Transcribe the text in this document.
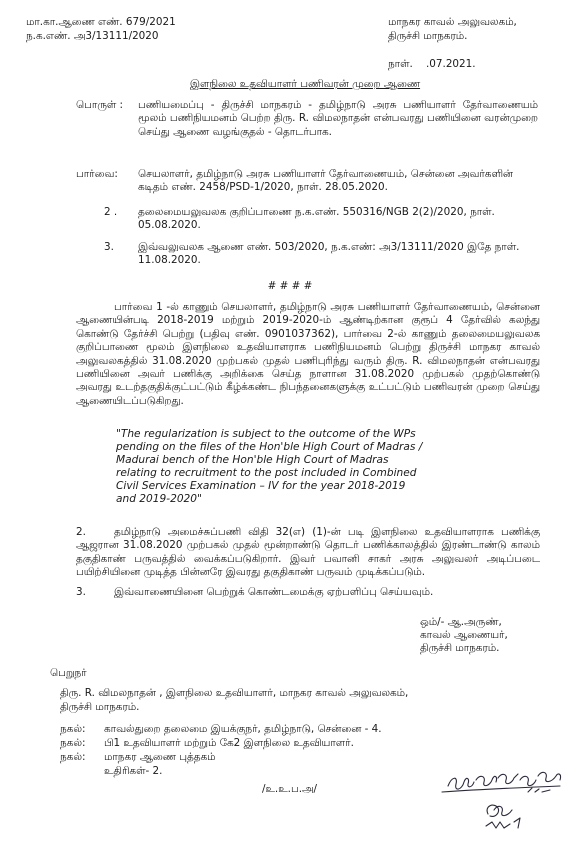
மா.கா.ஆணை எண். 679/2021
ந.க.எண். அ3/13111/2020
மாநகர காவல் அலுவலகம்,
திருச்சி மாநகரம்.
நாள்.    .07.2021.
இளநிலை உதவியாளர் பணிவரன் முறை ஆணை
பொருள் : பணியமைப்பு - திருச்சி மாநகரம் - தமிழ்நாடு அரசு பணியாளர் தேர்வாணையம் மூலம் பணிநியமனம் பெற்ற திரு. R. விமலநாதன் என்பவரது பணியினை வரன்முறை செய்து ஆணை வழங்குதல் - தொடர்பாக.
பார்வை: செயலாளர், தமிழ்நாடு அரசு பணியாளர் தேர்வாணையம், சென்னை அவர்களின் கடிதம் எண். 2458/PSD-1/2020, நாள். 28.05.2020.
2 . தலைமையலுவலக குறிப்பாணை ந.க.எண். 550316/NGB 2(2)/2020, நாள். 05.08.2020.
3. இவ்வலுவலக ஆணை எண். 503/2020, ந.க.எண்: அ3/13111/2020 இதே நாள். 11.08.2020.
# # # #
பார்வை 1 -ல் காணும் செயலாளர், தமிழ்நாடு அரசு பணியாளர் தேர்வாணையம், சென்னை ஆணையின்படி 2018-2019 மற்றும் 2019-2020-ம் ஆண்டிற்கான குரூப் 4 தேர்வில் கலந்து கொண்டு தேர்ச்சி பெற்று (பதிவு எண். 0901037362), பார்வை 2-ல் காணும் தலைமையலுவலக குறிப்பாணை மூலம் இளநிலை உதவியாளராக பணிநியமனம் பெற்று திருச்சி மாநகர காவல் அலுவலகத்தில் 31.08.2020 முற்பகல் முதல் பணிபுரிந்து வரும் திரு. R. விமலநாதன் என்பவரது பணியினை அவர் பணிக்கு அறிக்கை செய்த நாளான 31.08.2020 முற்பகல் முதற்கொண்டு அவரது உடற்தகுதிக்குட்பட்டும் கீழ்க்கண்ட நிபந்தனைகளுக்கு உட்பட்டும் பணிவரன் முறை செய்து ஆணையிடப்படுகிறது.
"The regularization is subject to the outcome of the WPs
pending on the files of the Hon'ble High Court of Madras /
Madurai bench of the Hon'ble High Court of Madras
relating to recruitment to the post included in Combined
Civil Services Examination – IV for the year 2018-2019
and 2019-2020"
2.	தமிழ்நாடு அமைச்சுப்பணி விதி 32(எ) (1)-ன் படி இளநிலை உதவியாளராக பணிக்கு ஆஜரான 31.08.2020 முற்பகல் முதல் மூன்றாண்டு தொடர் பணிக்காலத்தில் இரண்டாண்டு காலம் தகுதிகாண் பருவத்தில் வைக்கப்படுகிறார். இவர் பவானி சாகர் அரசு அலுவலர் அடிப்படை பயிற்சியினை முடித்த பின்னரே இவரது தகுதிகாண் பருவம் முடிக்கப்படும்.
3.	இவ்வாணையினை பெற்றுக் கொண்டமைக்கு ஏற்பளிப்பு செய்யவும்.
ஒம்/- ஆ.அருண்,
காவல் ஆணையர்,
திருச்சி மாநகரம்.
பெறுநர்
திரு. R. விமலநாதன் , இளநிலை உதவியாளர், மாநகர காவல் அலுவலகம்,
திருச்சி மாநகரம்.
நகல்: காவல்துறை தலைமை இயக்குநர், தமிழ்நாடு, சென்னை - 4.
நகல்: பி1 உதவியாளர் மற்றும் கே2 இளநிலை உதவியாளர்.
நகல்: மாநகர ஆணை புத்தகம்
உதிரிகள்- 2.
/உ.உ.ப.அ/
